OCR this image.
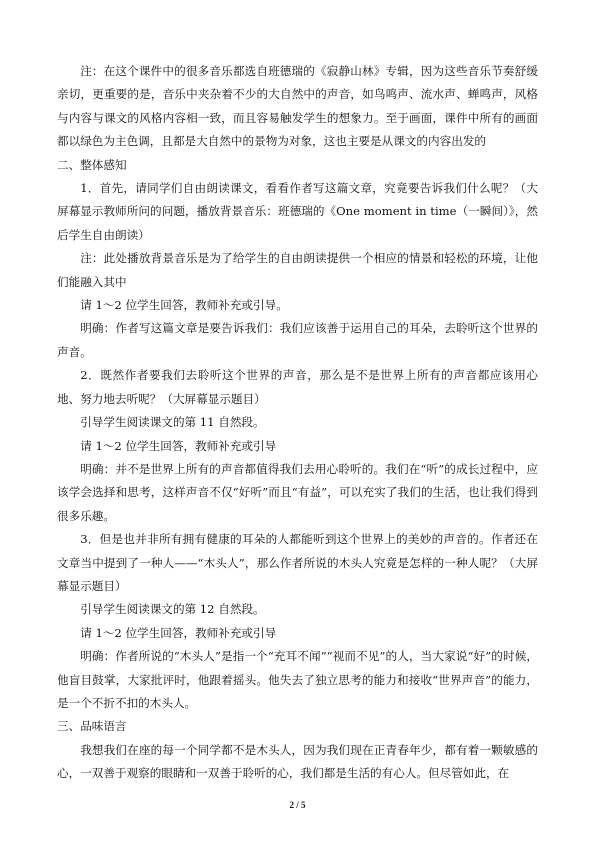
注：在这个课件中的很多音乐都选自班德瑞的《寂静山林》专辑，因为这些音乐节奏舒缓亲切，更重要的是，音乐中夹杂着不少的大自然中的声音，如鸟鸣声、流水声、蝉鸣声，风格与内容与课文的风格内容相一致，而且容易触发学生的想象力。至于画面，课件中所有的画面都以绿色为主色调，且都是大自然中的景物为对象，这也主要是从课文的内容出发的

二、整体感知

1．首先，请同学们自由朗读课文，看看作者写这篇文章，究竟要告诉我们什么呢？（大屏幕显示教师所问的问题，播放背景音乐：班德瑞的《One moment in time（一瞬间）》，然后学生自由朗读）

注：此处播放背景音乐是为了给学生的自由朗读提供一个相应的情景和轻松的环境，让他们能融入其中

请 1～2 位学生回答，教师补充或引导。

明确：作者写这篇文章是要告诉我们：我们应该善于运用自己的耳朵，去聆听这个世界的声音。

2．既然作者要我们去聆听这个世界的声音，那么是不是世界上所有的声音都应该用心地、努力地去听呢？（大屏幕显示题目）

引导学生阅读课文的第 11 自然段。

请 1～2 位学生回答，教师补充或引导

明确：并不是世界上所有的声音都值得我们去用心聆听的。我们在“听”的成长过程中，应该学会选择和思考，这样声音不仅“好听”而且“有益”，可以充实了我们的生活，也让我们得到很多乐趣。

3．但是也并非所有拥有健康的耳朵的人都能听到这个世界上的美妙的声音的。作者还在文章当中提到了一种人——“木头人”，那么作者所说的木头人究竟是怎样的一种人呢？（大屏幕显示题目）

引导学生阅读课文的第 12 自然段。

请 1～2 位学生回答，教师补充或引导

明确：作者所说的“木头人”是指一个“充耳不闻”“视而不见”的人，当大家说“好”的时候，他盲目鼓掌，大家批评时，他跟着摇头。他失去了独立思考的能力和接收“世界声音”的能力，是一个不折不扣的木头人。

三、品味语言

我想我们在座的每一个同学都不是木头人，因为我们现在正青春年少，都有着一颗敏感的心，一双善于观察的眼睛和一双善于聆听的心，我们都是生活的有心人。但尽管如此，在

2 / 5
